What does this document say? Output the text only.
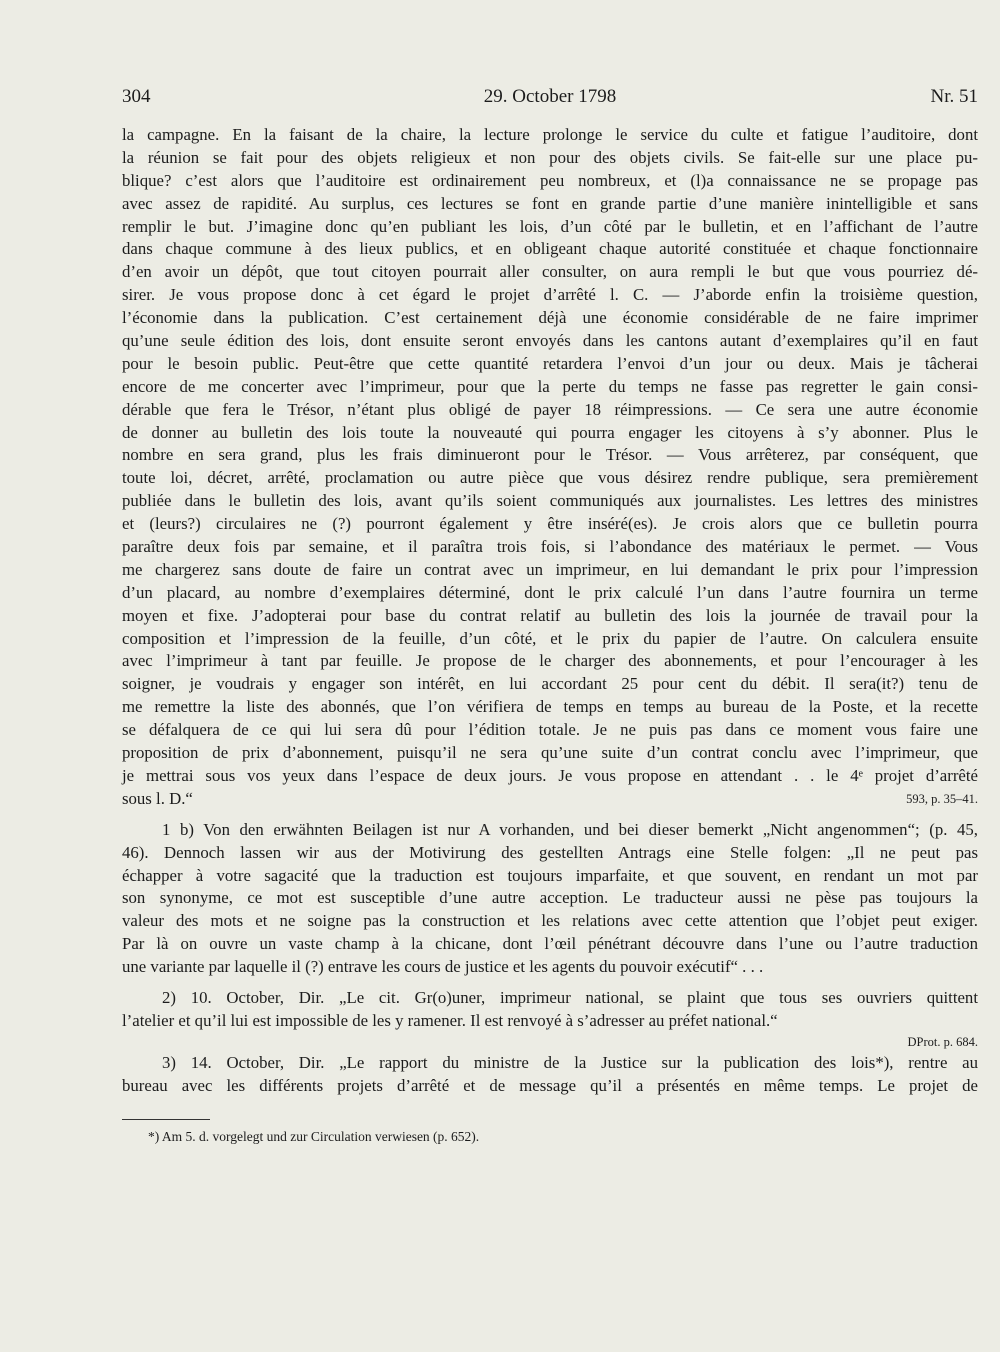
304	29. October 1798	Nr. 51
la campagne. En la faisant de la chaire, la lecture prolonge le service du culte et fatigue l’auditoire, dont
la réunion se fait pour des objets religieux et non pour des objets civils. Se fait-elle sur une place pu-
blique? c’est alors que l’auditoire est ordinairement peu nombreux, et (l)a connaissance ne se propage pas
avec assez de rapidité. Au surplus, ces lectures se font en grande partie d’une manière inintelligible et sans
remplir le but. J’imagine donc qu’en publiant les lois, d’un côté par le bulletin, et en l’affichant de l’autre
dans chaque commune à des lieux publics, et en obligeant chaque autorité constituée et chaque fonctionnaire
d’en avoir un dépôt, que tout citoyen pourrait aller consulter, on aura rempli le but que vous pourriez dé-
sirer. Je vous propose donc à cet égard le projet d’arrêté l. C. — J’aborde enfin la troisième question,
l’économie dans la publication. C’est certainement déjà une économie considérable de ne faire imprimer
qu’une seule édition des lois, dont ensuite seront envoyés dans les cantons autant d’exemplaires qu’il en faut
pour le besoin public. Peut-être que cette quantité retardera l’envoi d’un jour ou deux. Mais je tâcherai
encore de me concerter avec l’imprimeur, pour que la perte du temps ne fasse pas regretter le gain consi-
dérable que fera le Trésor, n’étant plus obligé de payer 18 réimpressions. — Ce sera une autre économie
de donner au bulletin des lois toute la nouveauté qui pourra engager les citoyens à s’y abonner. Plus le
nombre en sera grand, plus les frais diminueront pour le Trésor. — Vous arrêterez, par conséquent, que
toute loi, décret, arrêté, proclamation ou autre pièce que vous désirez rendre publique, sera premièrement
publiée dans le bulletin des lois, avant qu’ils soient communiqués aux journalistes. Les lettres des ministres
et (leurs?) circulaires ne (?) pourront également y être inséré(es). Je crois alors que ce bulletin pourra
paraître deux fois par semaine, et il paraîtra trois fois, si l’abondance des matériaux le permet. — Vous
me chargerez sans doute de faire un contrat avec un imprimeur, en lui demandant le prix pour l’impression
d’un placard, au nombre d’exemplaires déterminé, dont le prix calculé l’un dans l’autre fournira un terme
moyen et fixe. J’adopterai pour base du contrat relatif au bulletin des lois la journée de travail pour la
composition et l’impression de la feuille, d’un côté, et le prix du papier de l’autre. On calculera ensuite
avec l’imprimeur à tant par feuille. Je propose de le charger des abonnements, et pour l’encourager à les
soigner, je voudrais y engager son intérêt, en lui accordant 25 pour cent du débit. Il sera(it?) tenu de
me remettre la liste des abonnés, que l’on vérifiera de temps en temps au bureau de la Poste, et la recette
se défalquera de ce qui lui sera dû pour l’édition totale. Je ne puis pas dans ce moment vous faire une
proposition de prix d’abonnement, puisqu’il ne sera qu’une suite d’un contrat conclu avec l’imprimeur, que
je mettrai sous vos yeux dans l’espace de deux jours. Je vous propose en attendant . . le 4ᵉ projet d’arrêté
sous l. D.“	593, p. 35–41.
1 b) Von den erwähnten Beilagen ist nur A vorhanden, und bei dieser bemerkt „Nicht angenommen“; (p. 45,
46). Dennoch lassen wir aus der Motivirung des gestellten Antrags eine Stelle folgen: „Il ne peut pas
échapper à votre sagacité que la traduction est toujours imparfaite, et que souvent, en rendant un mot par
son synonyme, ce mot est susceptible d’une autre acception. Le traducteur aussi ne pèse pas toujours la
valeur des mots et ne soigne pas la construction et les relations avec cette attention que l’objet peut exiger.
Par là on ouvre un vaste champ à la chicane, dont l’œil pénétrant découvre dans l’une ou l’autre traduction
une variante par laquelle il (?) entrave les cours de justice et les agents du pouvoir exécutif“ . . .
2) 10. October, Dir. „Le cit. Gr(o)uner, imprimeur national, se plaint que tous ses ouvriers quittent
l’atelier et qu’il lui est impossible de les y ramener. Il est renvoyé à s’adresser au préfet national.“
DProt. p. 684.
3) 14. October, Dir. „Le rapport du ministre de la Justice sur la publication des lois*), rentre au
bureau avec les différents projets d’arrêté et de message qu’il a présentés en même temps. Le projet de
*) Am 5. d. vorgelegt und zur Circulation verwiesen (p. 652).
